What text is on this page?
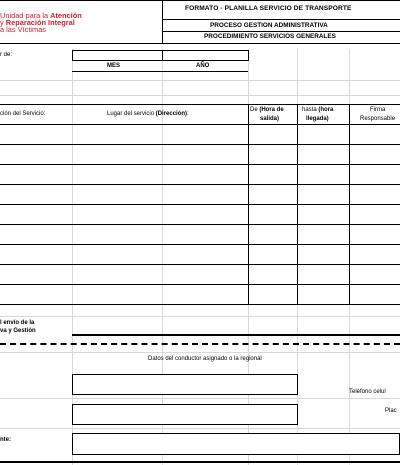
Unidad para la Atención
y Reparación Integral
a las Víctimas
FORMATO - PLANILLA SERVICIO DE TRANSPORTE
PROCESO GESTION ADMINISTRATIVA
PROCEDIMIENTO SERVICIOS GENERALES
r de:
MES	AÑO
ción del Servicio:	Lugar del servicio (Dirección):
De (Hora de
salida)
hasta (hora
llegada)
Firma
Responsable
l envío de la
va y Gestión
Datos del conductor asignado o la regional
Teléfono celul
Plac
nte:
